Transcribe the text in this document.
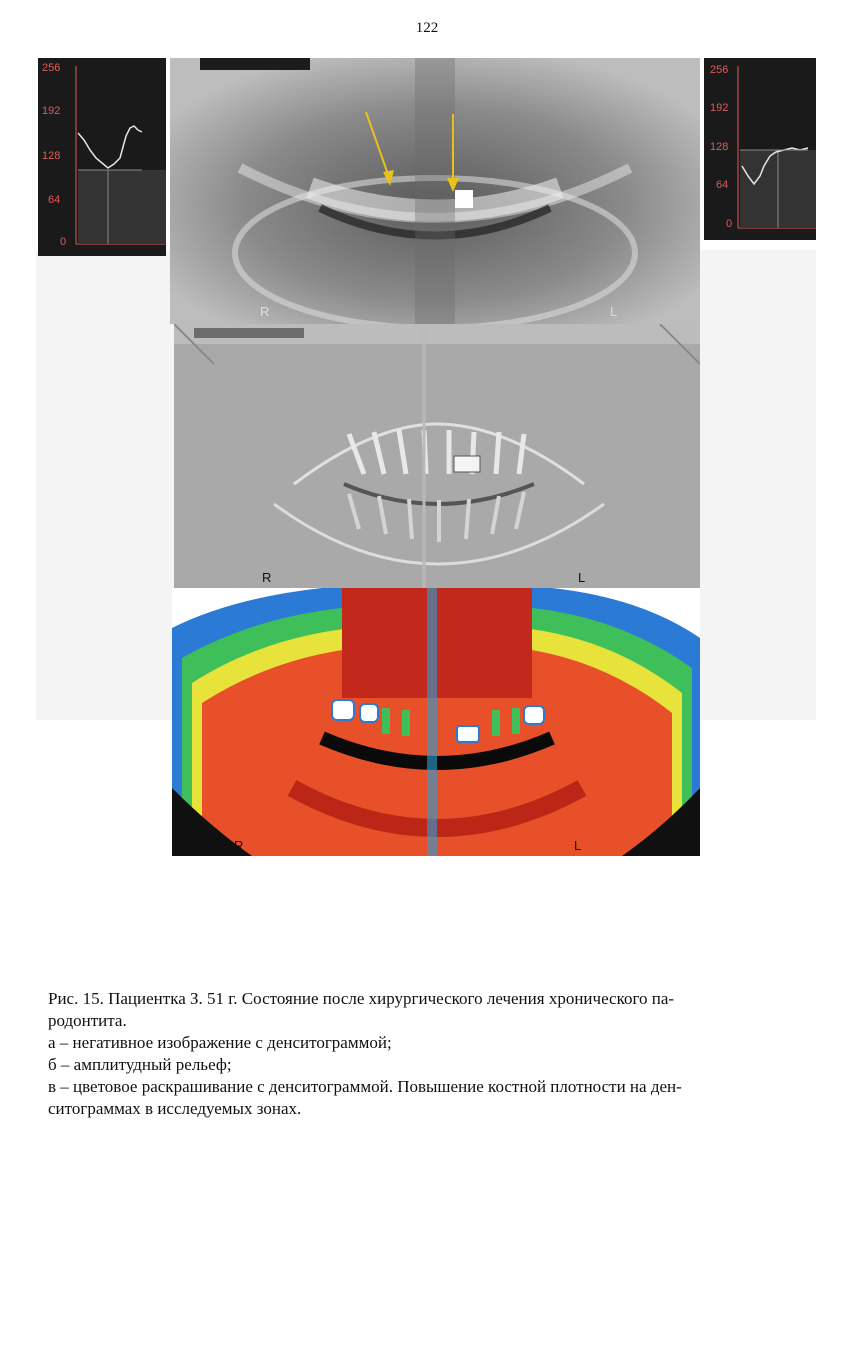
122
256
192
128
64
0
256
192
128
64
0
R	L
R	L
R	L

Рис. 15. Пациентка З. 51 г. Состояние после хирургического лечения хронического па-

родонтита.

а – негативное изображение с денситограммой;

б – амплитудный рельеф;

в – цветовое раскрашивание с денситограммой. Повышение костной плотности на ден-

ситограммах в исследуемых зонах.
